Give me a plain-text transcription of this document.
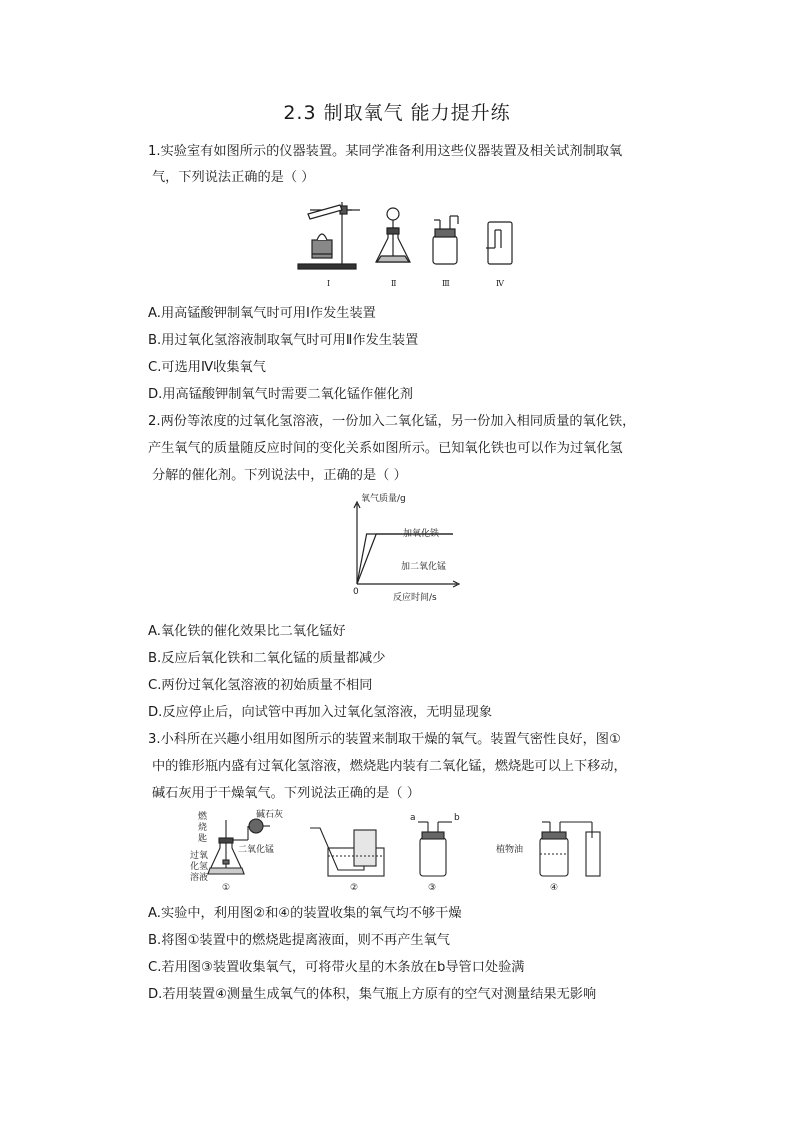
2.3 制取氧气 能力提升练
1.实验室有如图所示的仪器装置。某同学准备利用这些仪器装置及相关试剂制取氧
气，下列说法正确的是（ ）
Ⅰ	Ⅱ	Ⅲ	Ⅳ
A.用高锰酸钾制氧气时可用Ⅰ作发生装置
B.用过氧化氢溶液制取氧气时可用Ⅱ作发生装置
C.可选用Ⅳ收集氧气
D.用高锰酸钾制氧气时需要二氧化锰作催化剂
2.两份等浓度的过氧化氢溶液，一份加入二氧化锰，另一份加入相同质量的氧化铁，
产生氧气的质量随反应时间的变化关系如图所示。已知氧化铁也可以作为过氧化氢
分解的催化剂。下列说法中，正确的是（ ）
氧气质量/g
0
反应时间/s
加氧化铁
加二氧化锰
A.氧化铁的催化效果比二氧化锰好
B.反应后氧化铁和二氧化锰的质量都减少
C.两份过氧化氢溶液的初始质量不相同
D.反应停止后，向试管中再加入过氧化氢溶液，无明显现象
3.小科所在兴趣小组用如图所示的装置来制取干燥的氧气。装置气密性良好，图①
中的锥形瓶内盛有过氧化氢溶液，燃烧匙内装有二氧化锰，燃烧匙可以上下移动，
碱石灰用于干燥氧气。下列说法正确的是（ ）
燃
烧
匙
碱石灰
二氧化锰
过氧
化氢
溶液
a	b
植物油
①	②	③	④
A.实验中，利用图②和④的装置收集的氧气均不够干燥
B.将图①装置中的燃烧匙提离液面，则不再产生氧气
C.若用图③装置收集氧气，可将带火星的木条放在b导管口处验满
D.若用装置④测量生成氧气的体积，集气瓶上方原有的空气对测量结果无影响
